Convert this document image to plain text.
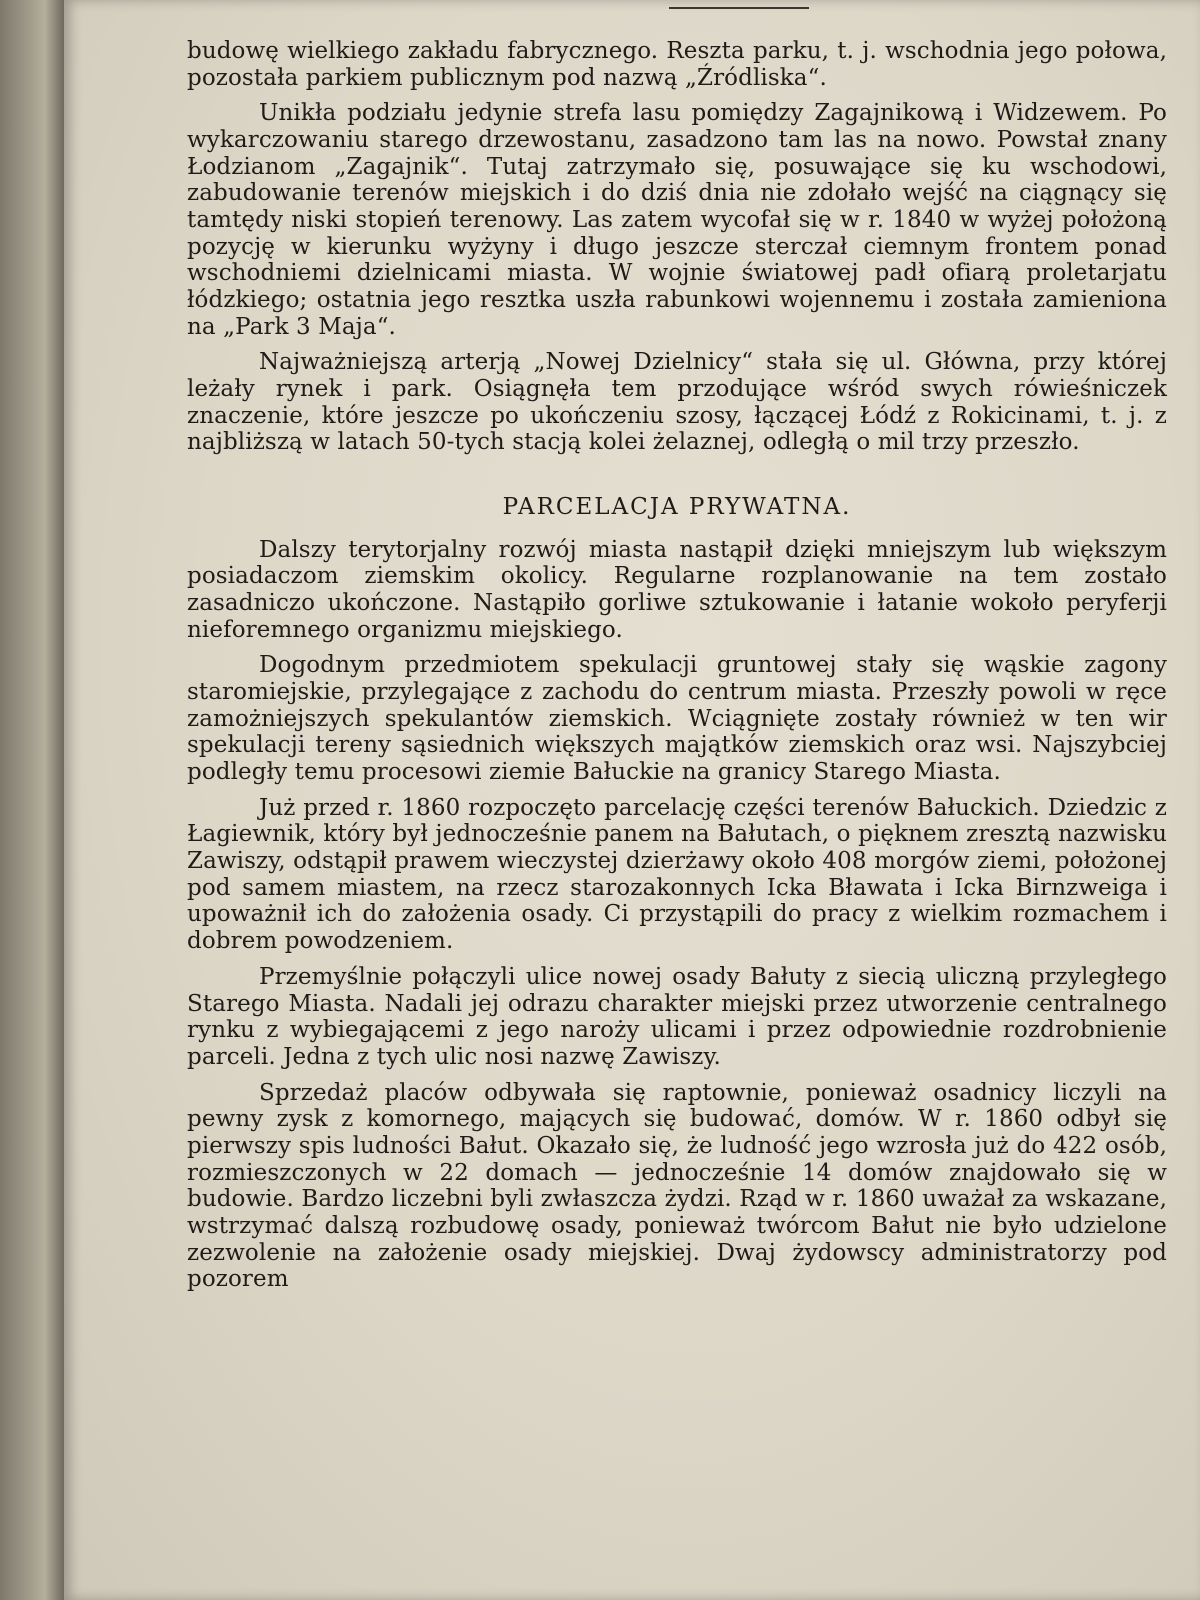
budowę wielkiego zakładu fabrycznego. Reszta parku, t. j. wschodnia jego połowa, pozostała parkiem publicznym pod nazwą „Źródliska“.

Unikła podziału jedynie strefa lasu pomiędzy Zagajnikową i Widzewem. Po wykarczowaniu starego drzewostanu, zasadzono tam las na nowo. Powstał znany Łodzianom „Zagajnik“. Tutaj zatrzymało się, posuwające się ku wschodowi, zabudowanie terenów miejskich i do dziś dnia nie zdołało wejść na ciągnący się tamtędy niski stopień terenowy. Las zatem wycofał się w r. 1840 w wyżej położoną pozycję w kierunku wyżyny i długo jeszcze sterczał ciemnym frontem ponad wschodniemi dzielnicami miasta. W wojnie światowej padł ofiarą proletarjatu łódzkiego; ostatnia jego resztka uszła rabunkowi wojennemu i została zamieniona na „Park 3 Maja“.

Najważniejszą arterją „Nowej Dzielnicy“ stała się ul. Główna, przy której leżały rynek i park. Osiągnęła tem przodujące wśród swych rówieśniczek znaczenie, które jeszcze po ukończeniu szosy, łączącej Łódź z Rokicinami, t. j. z najbliższą w latach 50-tych stacją kolei żelaznej, odległą o mil trzy przeszło.

PARCELACJA PRYWATNA.

Dalszy terytorjalny rozwój miasta nastąpił dzięki mniejszym lub większym posiadaczom ziemskim okolicy. Regularne rozplanowanie na tem zostało zasadniczo ukończone. Nastąpiło gorliwe sztukowanie i łatanie wokoło peryferji nieforemnego organizmu miejskiego.

Dogodnym przedmiotem spekulacji gruntowej stały się wąskie zagony staromiejskie, przylegające z zachodu do centrum miasta. Przeszły powoli w ręce zamożniejszych spekulantów ziemskich. Wciągnięte zostały również w ten wir spekulacji tereny sąsiednich większych majątków ziemskich oraz wsi. Najszybciej podległy temu procesowi ziemie Bałuckie na granicy Starego Miasta.

Już przed r. 1860 rozpoczęto parcelację części terenów Bałuckich. Dziedzic z Łagiewnik, który był jednocześnie panem na Bałutach, o pięknem zresztą nazwisku Zawiszy, odstąpił prawem wieczystej dzierżawy około 408 morgów ziemi, położonej pod samem miastem, na rzecz starozakonnych Icka Bławata i Icka Birnzweiga i upoważnił ich do założenia osady. Ci przystąpili do pracy z wielkim rozmachem i dobrem powodzeniem.

Przemyślnie połączyli ulice nowej osady Bałuty z siecią uliczną przyległego Starego Miasta. Nadali jej odrazu charakter miejski przez utworzenie centralnego rynku z wybiegającemi z jego naroży ulicami i przez odpowiednie rozdrobnienie parceli. Jedna z tych ulic nosi nazwę Zawiszy.

Sprzedaż placów odbywała się raptownie, ponieważ osadnicy liczyli na pewny zysk z komornego, mających się budować, domów. W r. 1860 odbył się pierwszy spis ludności Bałut. Okazało się, że ludność jego wzrosła już do 422 osób, rozmieszczonych w 22 domach — jednocześnie 14 domów znajdowało się w budowie. Bardzo liczebni byli zwłaszcza żydzi. Rząd w r. 1860 uważał za wskazane, wstrzymać dalszą rozbudowę osady, ponieważ twórcom Bałut nie było udzielone zezwolenie na założenie osady miejskiej. Dwaj żydowscy administratorzy pod pozorem
